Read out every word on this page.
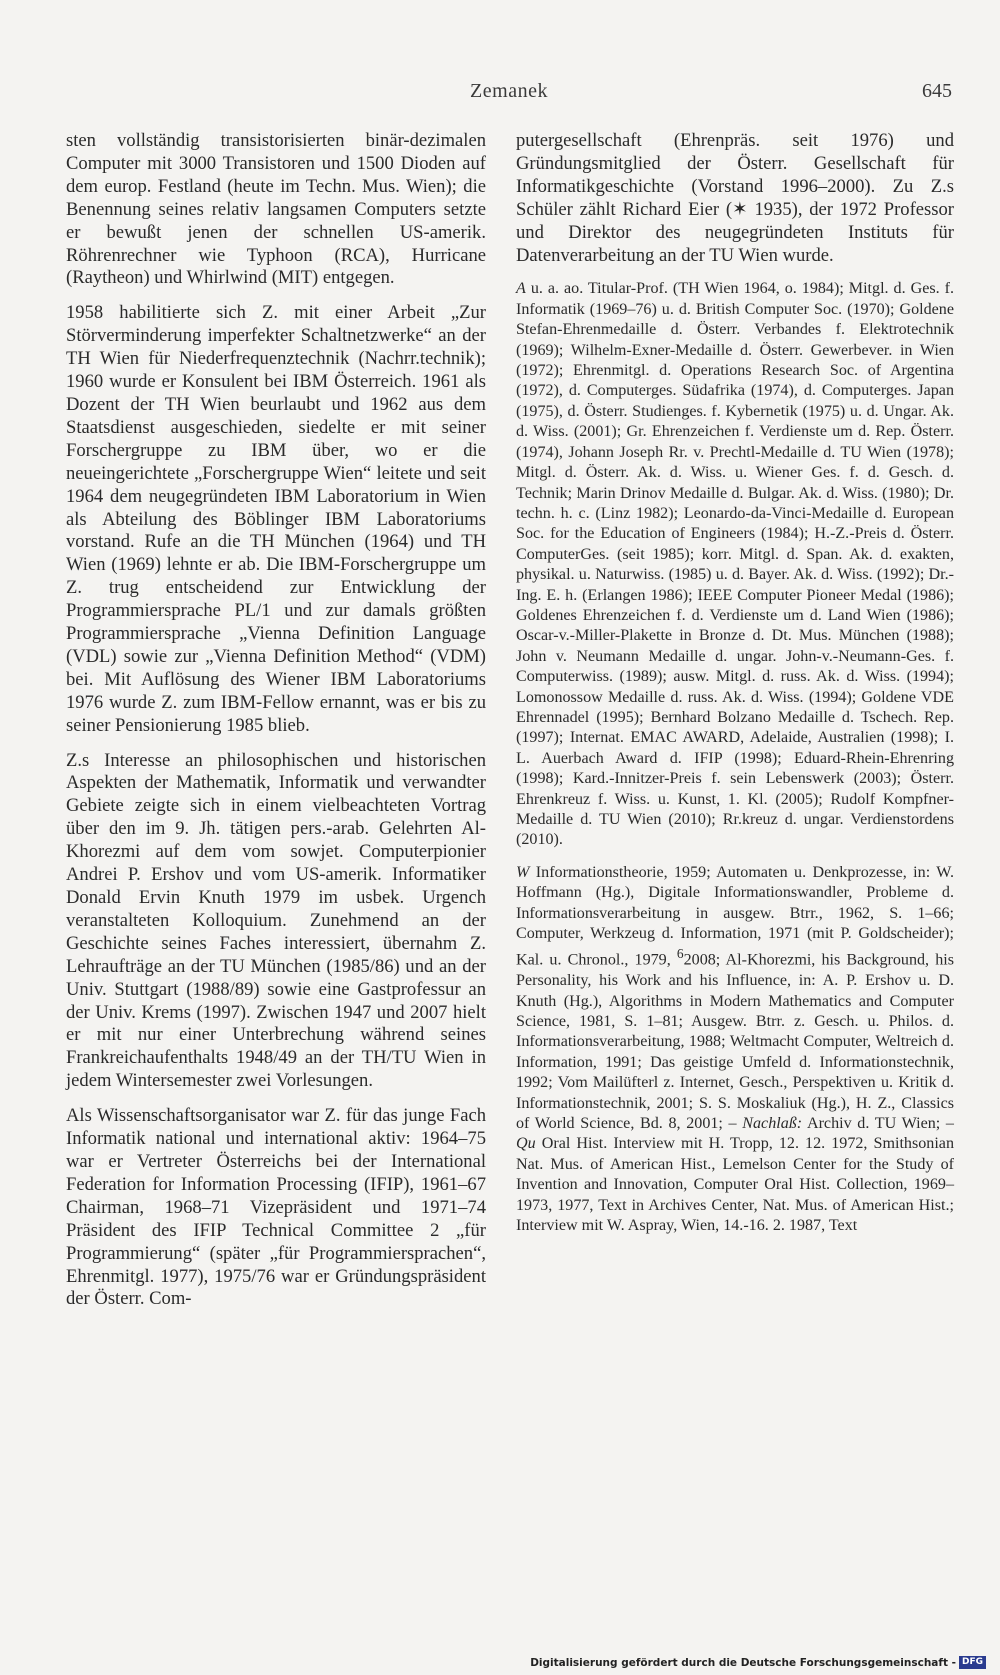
Zemanek	645

sten vollständig transistorisierten binär-dezimalen Computer mit 3000 Transistoren und 1500 Dioden auf dem europ. Festland (heute im Techn. Mus. Wien); die Benennung seines relativ langsamen Computers setzte er bewußt jenen der schnellen US-amerik. Röhrenrechner wie Typhoon (RCA), Hurricane (Raytheon) und Whirlwind (MIT) entgegen.

1958 habilitierte sich Z. mit einer Arbeit „Zur Störverminderung imperfekter Schaltnetzwerke“ an der TH Wien für Niederfrequenztechnik (Nachrr.technik); 1960 wurde er Konsulent bei IBM Österreich. 1961 als Dozent der TH Wien beurlaubt und 1962 aus dem Staatsdienst ausgeschieden, siedelte er mit seiner Forschergruppe zu IBM über, wo er die neueingerichtete „Forschergruppe Wien“ leitete und seit 1964 dem neugegründeten IBM Laboratorium in Wien als Abteilung des Böblinger IBM Laboratoriums vorstand. Rufe an die TH München (1964) und TH Wien (1969) lehnte er ab. Die IBM-Forschergruppe um Z. trug entscheidend zur Entwicklung der Programmiersprache PL/1 und zur damals größten Programmiersprache „Vienna Definition Language (VDL) sowie zur „Vienna Definition Method“ (VDM) bei. Mit Auflösung des Wiener IBM Laboratoriums 1976 wurde Z. zum IBM-Fellow ernannt, was er bis zu seiner Pensionierung 1985 blieb.

Z.s Interesse an philosophischen und historischen Aspekten der Mathematik, Informatik und verwandter Gebiete zeigte sich in einem vielbeachteten Vortrag über den im 9. Jh. tätigen pers.-arab. Gelehrten Al-Khorezmi auf dem vom sowjet. Computerpionier Andrei P. Ershov und vom US-amerik. Informatiker Donald Ervin Knuth 1979 im usbek. Urgench veranstalteten Kolloquium. Zunehmend an der Geschichte seines Faches interessiert, übernahm Z. Lehraufträge an der TU München (1985/86) und an der Univ. Stuttgart (1988/89) sowie eine Gastprofessur an der Univ. Krems (1997). Zwischen 1947 und 2007 hielt er mit nur einer Unterbrechung während seines Frankreichaufenthalts 1948/49 an der TH/TU Wien in jedem Wintersemester zwei Vorlesungen.

Als Wissenschaftsorganisator war Z. für das junge Fach Informatik national und international aktiv: 1964–75 war er Vertreter Österreichs bei der International Federation for Information Processing (IFIP), 1961–67 Chairman, 1968–71 Vizepräsident und 1971–74 Präsident des IFIP Technical Committee 2 „für Programmierung“ (später „für Programmiersprachen“, Ehrenmitgl. 1977), 1975/76 war er Gründungspräsident der Österr. Com-

putergesellschaft (Ehrenpräs. seit 1976) und Gründungsmitglied der Österr. Gesellschaft für Informatikgeschichte (Vorstand 1996–2000). Zu Z.s Schüler zählt Richard Eier (✶ 1935), der 1972 Professor und Direktor des neugegründeten Instituts für Datenverarbeitung an der TU Wien wurde.

A u. a. ao. Titular-Prof. (TH Wien 1964, o. 1984); Mitgl. d. Ges. f. Informatik (1969–76) u. d. British Computer Soc. (1970); Goldene Stefan-Ehrenmedaille d. Österr. Verbandes f. Elektrotechnik (1969); Wilhelm-Exner-Medaille d. Österr. Gewerbever. in Wien (1972); Ehrenmitgl. d. Operations Research Soc. of Argentina (1972), d. Computerges. Südafrika (1974), d. Computerges. Japan (1975), d. Österr. Studienges. f. Kybernetik (1975) u. d. Ungar. Ak. d. Wiss. (2001); Gr. Ehrenzeichen f. Verdienste um d. Rep. Österr. (1974), Johann Joseph Rr. v. Prechtl-Medaille d. TU Wien (1978); Mitgl. d. Österr. Ak. d. Wiss. u. Wiener Ges. f. d. Gesch. d. Technik; Marin Drinov Medaille d. Bulgar. Ak. d. Wiss. (1980); Dr. techn. h. c. (Linz 1982); Leonardo-da-Vinci-Medaille d. European Soc. for the Education of Engineers (1984); H.-Z.-Preis d. Österr. ComputerGes. (seit 1985); korr. Mitgl. d. Span. Ak. d. exakten, physikal. u. Naturwiss. (1985) u. d. Bayer. Ak. d. Wiss. (1992); Dr.-Ing. E. h. (Erlangen 1986); IEEE Computer Pioneer Medal (1986); Goldenes Ehrenzeichen f. d. Verdienste um d. Land Wien (1986); Oscar-v.-Miller-Plakette in Bronze d. Dt. Mus. München (1988); John v. Neumann Medaille d. ungar. John-v.-Neumann-Ges. f. Computerwiss. (1989); ausw. Mitgl. d. russ. Ak. d. Wiss. (1994); Lomonossow Medaille d. russ. Ak. d. Wiss. (1994); Goldene VDE Ehrennadel (1995); Bernhard Bolzano Medaille d. Tschech. Rep. (1997); Internat. EMAC AWARD, Adelaide, Australien (1998); I. L. Auerbach Award d. IFIP (1998); Eduard-Rhein-Ehrenring (1998); Kard.-Innitzer-Preis f. sein Lebenswerk (2003); Österr. Ehrenkreuz f. Wiss. u. Kunst, 1. Kl. (2005); Rudolf Kompfner-Medaille d. TU Wien (2010); Rr.kreuz d. ungar. Verdienstordens (2010).

W Informationstheorie, 1959; Automaten u. Denkprozesse, in: W. Hoffmann (Hg.), Digitale Informationswandler, Probleme d. Informationsverarbeitung in ausgew. Btrr., 1962, S. 1–66; Computer, Werkzeug d. Information, 1971 (mit P. Goldscheider); Kal. u. Chronol., 1979, $^6$2008; Al-Khorezmi, his Background, his Personality, his Work and his Influence, in: A. P. Ershov u. D. Knuth (Hg.), Algorithms in Modern Mathematics and Computer Science, 1981, S. 1–81; Ausgew. Btrr. z. Gesch. u. Philos. d. Informationsverarbeitung, 1988; Weltmacht Computer, Weltreich d. Information, 1991; Das geistige Umfeld d. Informationstechnik, 1992; Vom Mailüfterl z. Internet, Gesch., Perspektiven u. Kritik d. Informationstechnik, 2001; S. S. Moskaliuk (Hg.), H. Z., Classics of World Science, Bd. 8, 2001; – Nachlaß: Archiv d. TU Wien; – Qu Oral Hist. Interview mit H. Tropp, 12. 12. 1972, Smithsonian Nat. Mus. of American Hist., Lemelson Center for the Study of Invention and Innovation, Computer Oral Hist. Collection, 1969–1973, 1977, Text in Archives Center, Nat. Mus. of American Hist.; Interview mit W. Aspray, Wien, 14.-16. 2. 1987, Text

Digitalisierung gefördert durch die Deutsche Forschungsgemeinschaft - DFG
